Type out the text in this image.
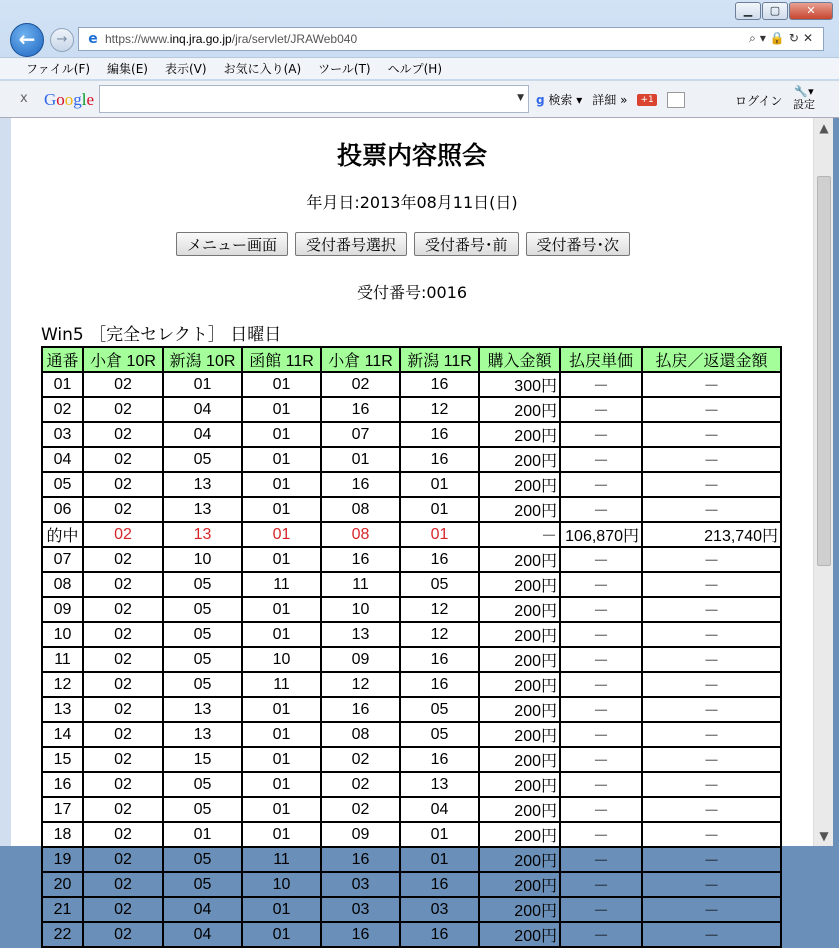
▁	▢	✕
←	→	e https://www.inq.jra.go.jp/jra/servlet/JRAWeb040	⌕▾🔒↻✕
ファイル(F) 編集(E) 表示(V) お気に入り(A) ツール(T) ヘルプ(H)
x Google	▼ g 検索 ▾ 詳細 »	+1	ログイン
🔧▾
設定
投票内容照会
年月日:2013年08月11日(日)
メニュー画面	受付番号選択	受付番号･前	受付番号･次
受付番号:0016
Win5 ［完全セレクト］ 日曜日
通番	小倉 10R	新潟 10R	函館 11R	小倉 11R	新潟 11R	購入金額	払戻単価	払戻／返還金額
01	02	01	01	02	16	300円	－	－
02	02	04	01	16	12	200円	－	－
03	02	04	01	07	16	200円	－	－
04	02	05	01	01	16	200円	－	－
05	02	13	01	16	01	200円	－	－
06	02	13	01	08	01	200円	－	－
的中	02	13	01	08	01	－	106,870円	213,740円
07	02	10	01	16	16	200円	－	－
08	02	05	11	11	05	200円	－	－
09	02	05	01	10	12	200円	－	－
10	02	05	01	13	12	200円	－	－
11	02	05	10	09	16	200円	－	－
12	02	05	11	12	16	200円	－	－
13	02	13	01	16	05	200円	－	－
14	02	13	01	08	05	200円	－	－
15	02	15	01	02	16	200円	－	－
16	02	05	01	02	13	200円	－	－
17	02	05	01	02	04	200円	－	－
18	02	01	01	09	01	200円	－	－
19	02	05	11	16	01	200円	－	－
20	02	05	10	03	16	200円	－	－
21	02	04	01	03	03	200円	－	－
22	02	04	01	16	16	200円	－	－
▲
▼
